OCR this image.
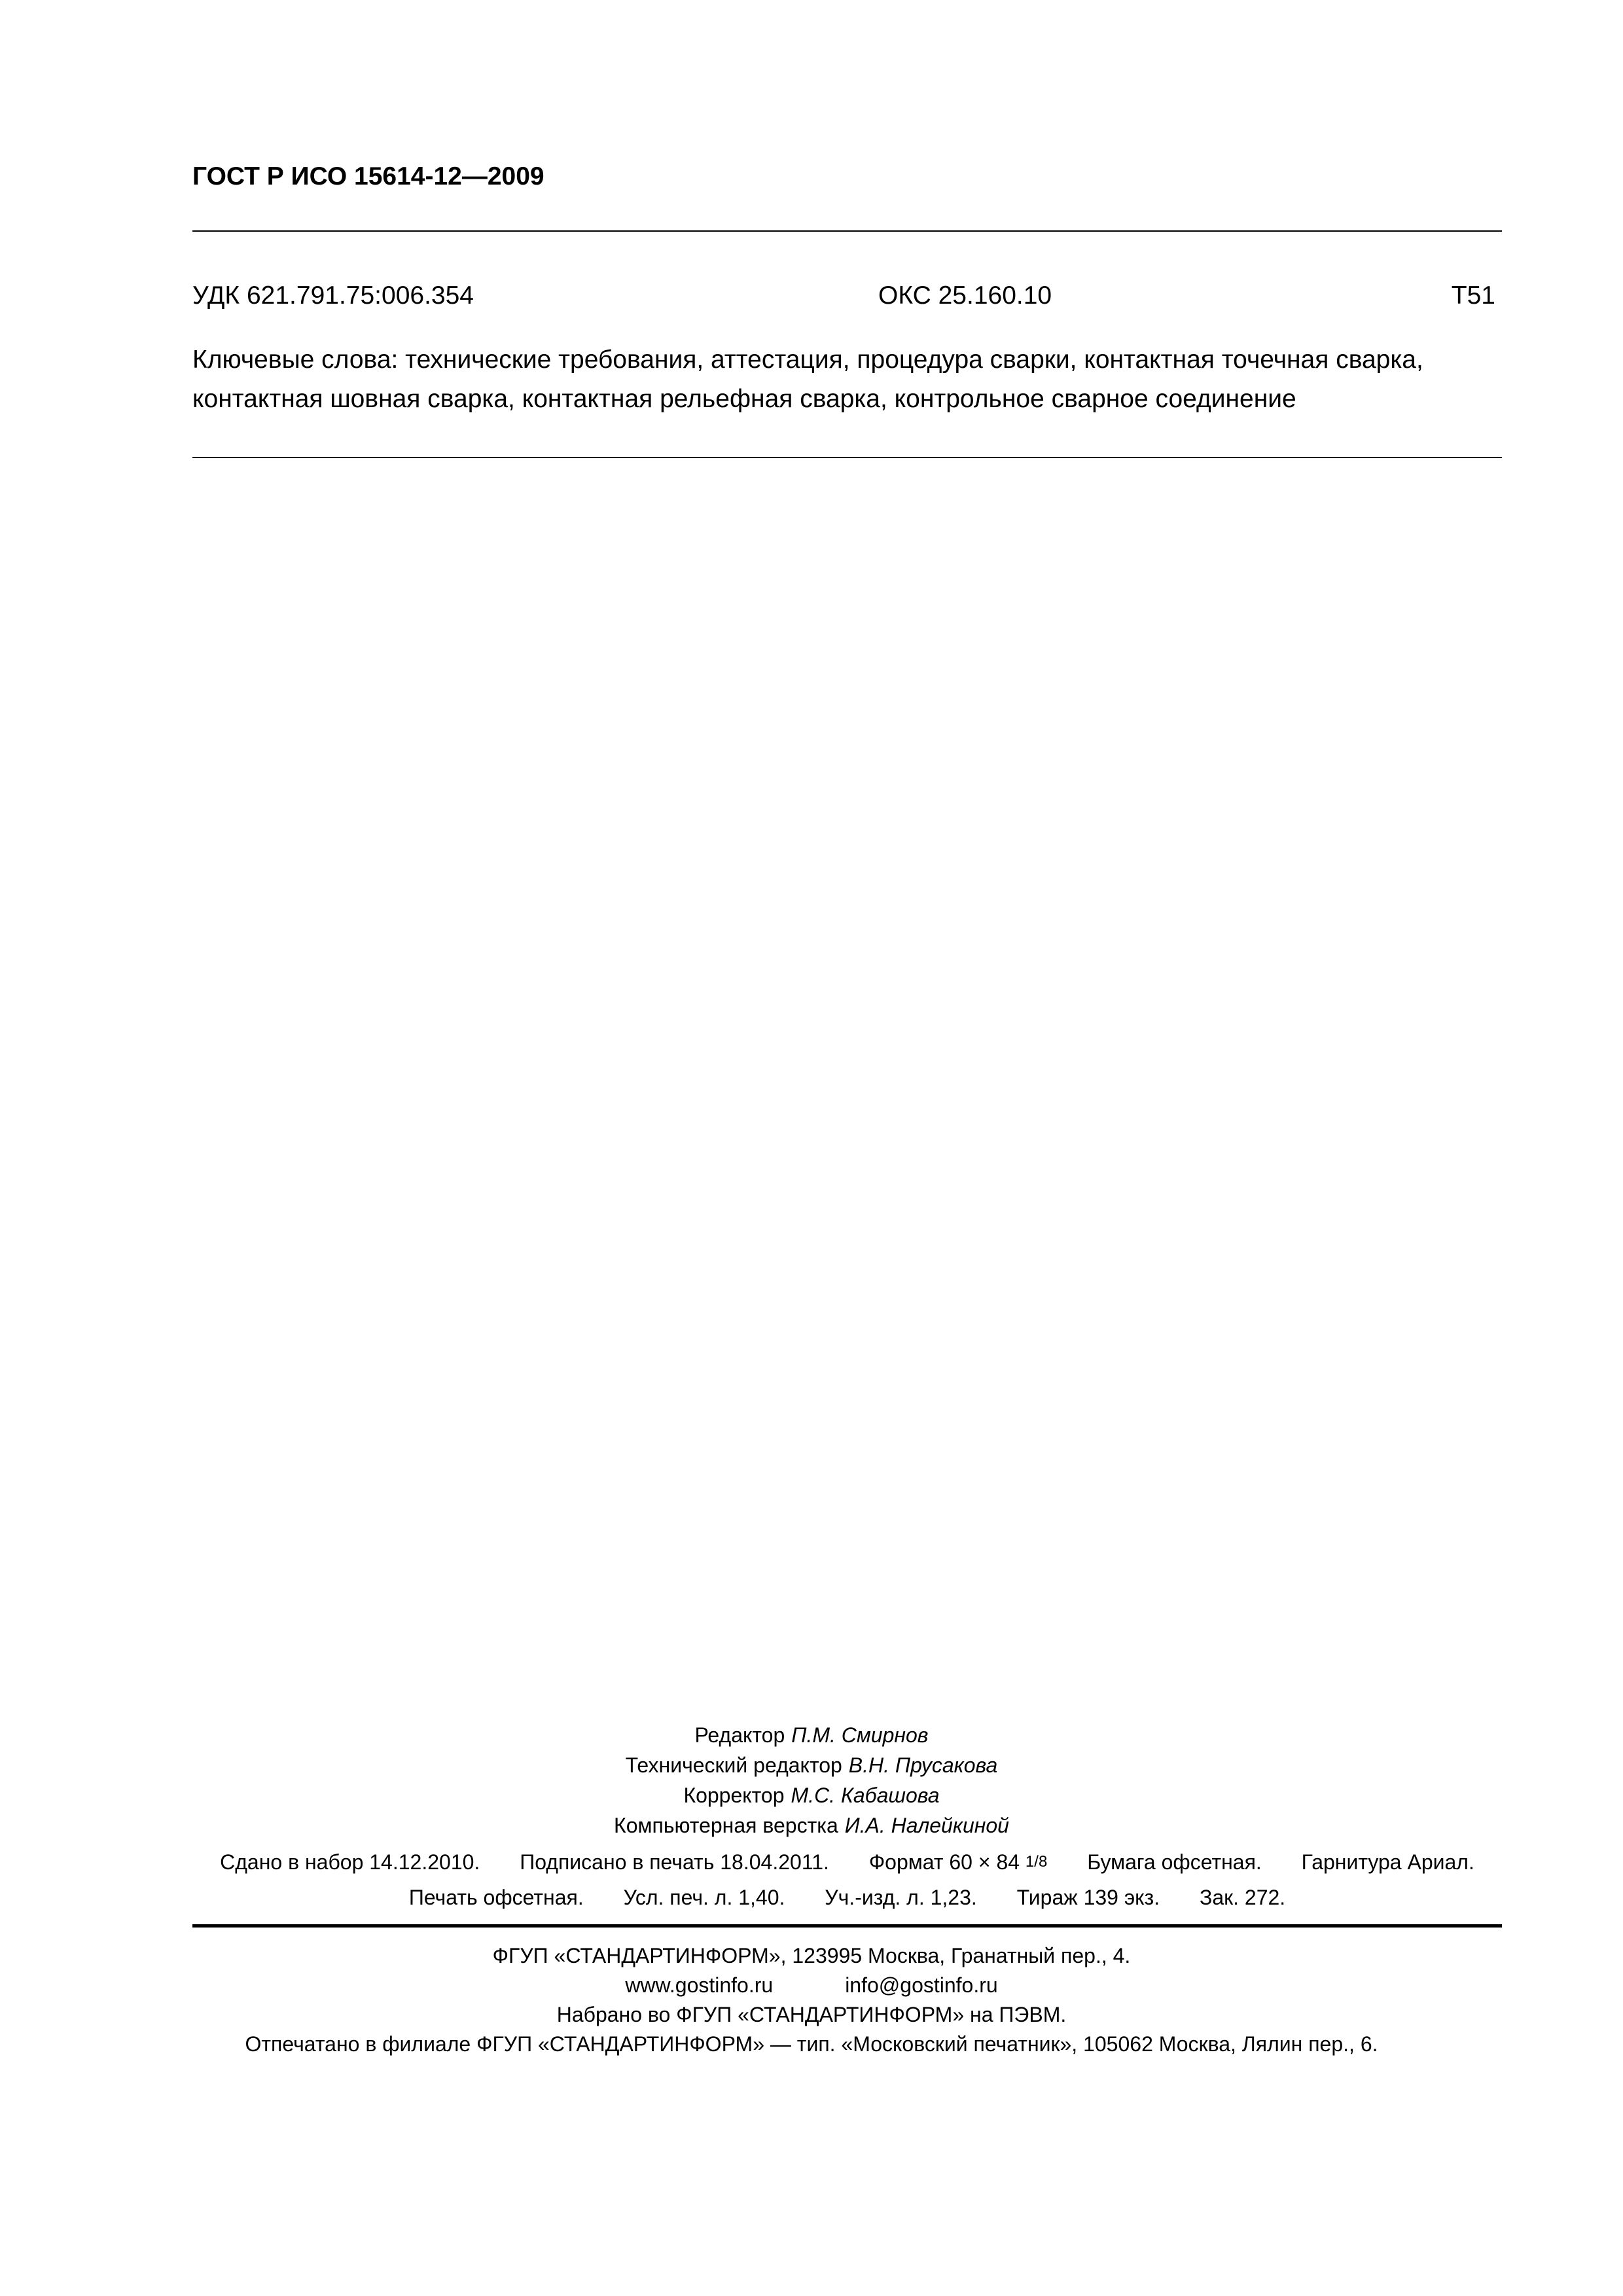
ГОСТ Р ИСО 15614-12—2009
УДК 621.791.75:006.354	ОКС 25.160.10	Т51
Ключевые слова: технические требования, аттестация, процедура сварки, контактная точечная сварка,
контактная шовная сварка, контактная рельефная сварка, контрольное сварное соединение
Редактор П.М. Смирнов
Технический редактор В.Н. Прусакова
Корректор М.С. Кабашова
Компьютерная верстка И.А. Налейкиной
Сдано в набор 14.12.2010. Подписано в печать 18.04.2011. Формат 60 × 84 1/8 Бумага офсетная. Гарнитура Ариал.
Печать офсетная. Усл. печ. л. 1,40. Уч.-изд. л. 1,23. Тираж 139 экз. Зак. 272.
ФГУП «СТАНДАРТИНФОРМ», 123995 Москва, Гранатный пер., 4.
www.gostinfo.ru	info@gostinfo.ru
Набрано во ФГУП «СТАНДАРТИНФОРМ» на ПЭВМ.
Отпечатано в филиале ФГУП «СТАНДАРТИНФОРМ» — тип. «Московский печатник», 105062 Москва, Лялин пер., 6.
